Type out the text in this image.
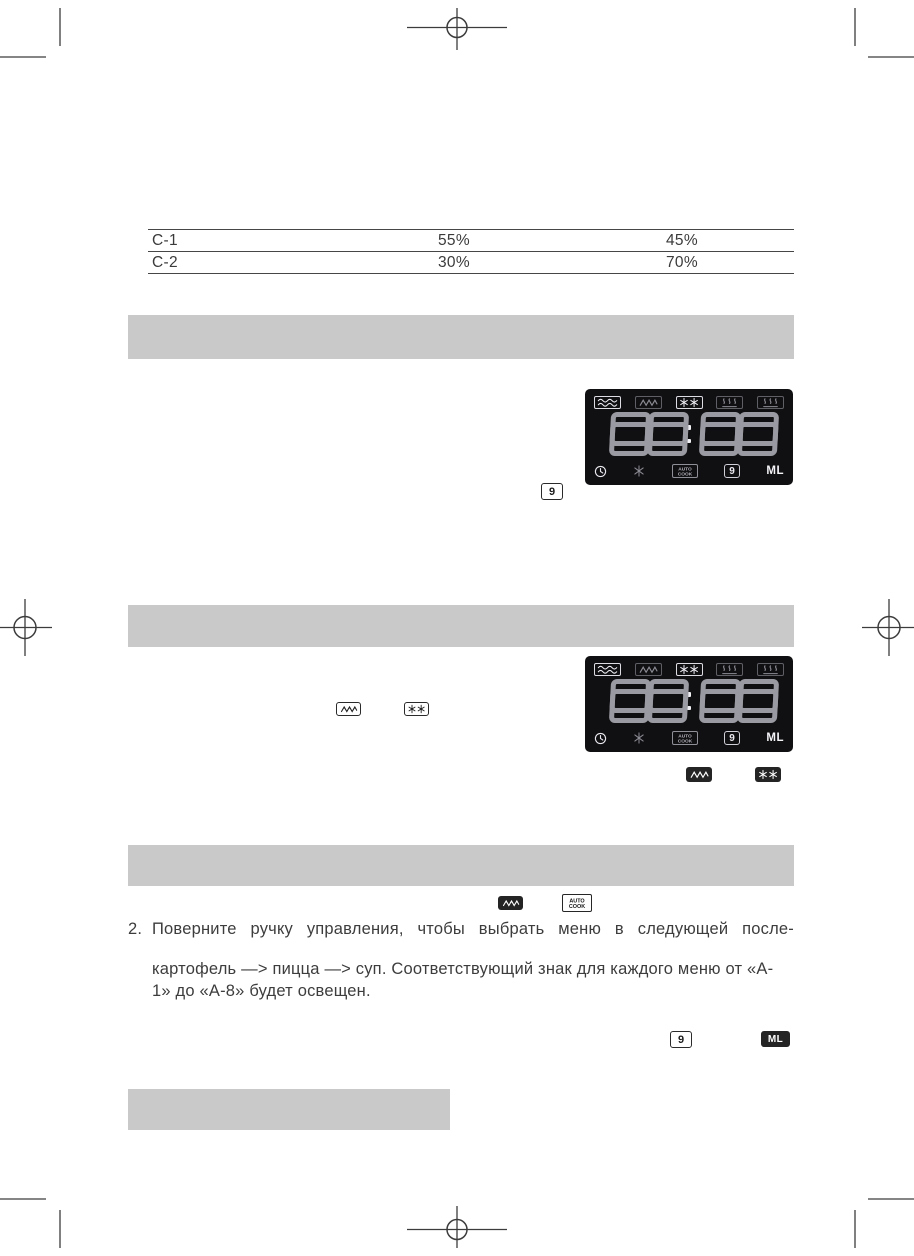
C-1	55%	45%
C-2	30%	70%
AUTO
COOK	9	ML
9
AUTO
COOK	9	ML
AUTO
COOK
2. Поверните ручку управления, чтобы выбрать меню в следующей после-
картофель —> пицца —> суп. Соответствующий знак для каждого меню от «А-
1» до «А-8» будет освещен.
9	ML
